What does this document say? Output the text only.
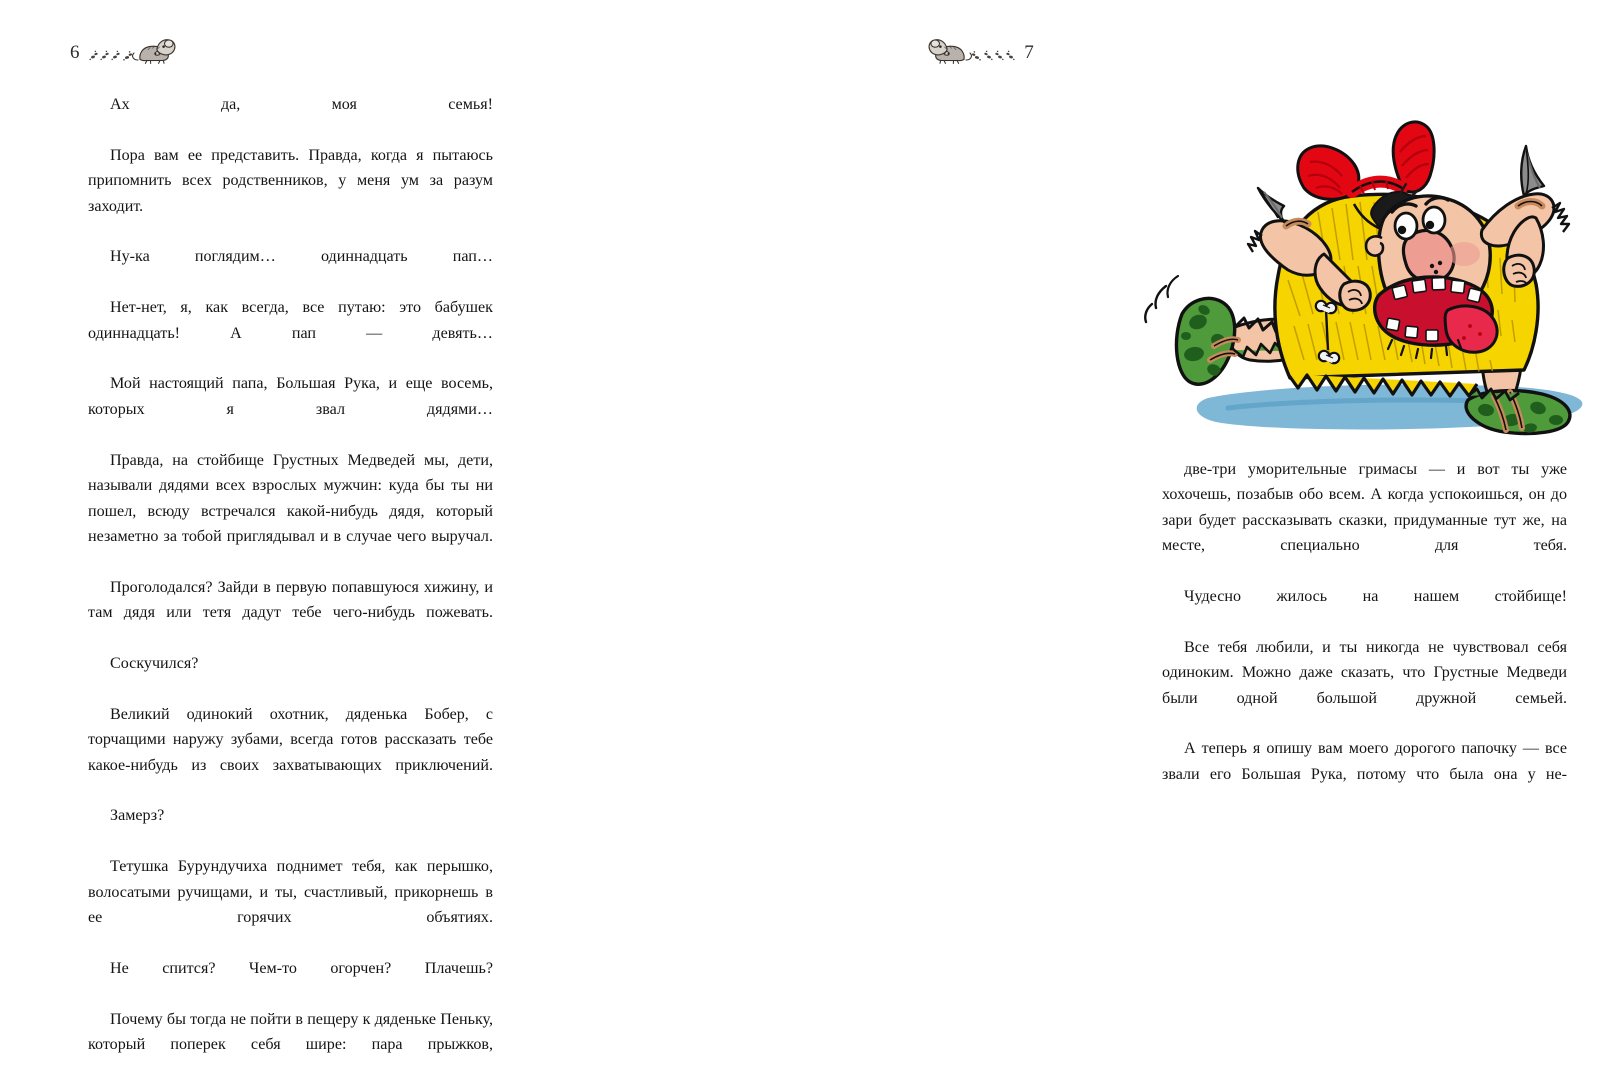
6

Ах да, моя семья!

Пора вам ее представить. Правда, когда я пытаюсь припомнить всех родственников, у меня ум за разум заходит.

Ну-ка поглядим… одиннадцать пап…

Нет-нет, я, как всегда, все путаю: это бабушек одиннадцать! А пап — девять…

Мой настоящий папа, Большая Рука, и еще восемь, которых я звал дядями…

Правда, на стойбище Грустных Медведей мы, дети, называли дядями всех взрослых мужчин: куда бы ты ни пошел, всюду встречался какой-нибудь дядя, который незаметно за тобой приглядывал и в случае чего выручал.

Проголодался? Зайди в первую попавшуюся хижину, и там дядя или тетя дадут тебе чего-нибудь пожевать.

Соскучился?

Великий одинокий охотник, дяденька Бобер, с торчащими наружу зубами, всегда готов рассказать тебе какое-нибудь из своих захватывающих приключений.

Замерз?

Тетушка Бурундучиха поднимет тебя, как перышко, волосатыми ручищами, и ты, счастливый, прикорнешь в ее горячих объятиях.

Не спится? Чем-то огорчен? Плачешь?

Почему бы тогда не пойти в пещеру к дяденьке Пеньку, который поперек себя шире: пара прыжков,

7

две-три уморительные гримасы — и вот ты уже хохочешь, позабыв обо всем. А когда успокоишься, он до зари будет рассказывать сказки, придуманные тут же, на месте, специально для тебя.

Чудесно жилось на нашем стойбище!

Все тебя любили, и ты никогда не чувствовал себя одиноким. Можно даже сказать, что Грустные Медведи были одной большой дружной семьей.

А теперь я опишу вам моего дорогого папочку — все звали его Большая Рука, потому что была она у не-
